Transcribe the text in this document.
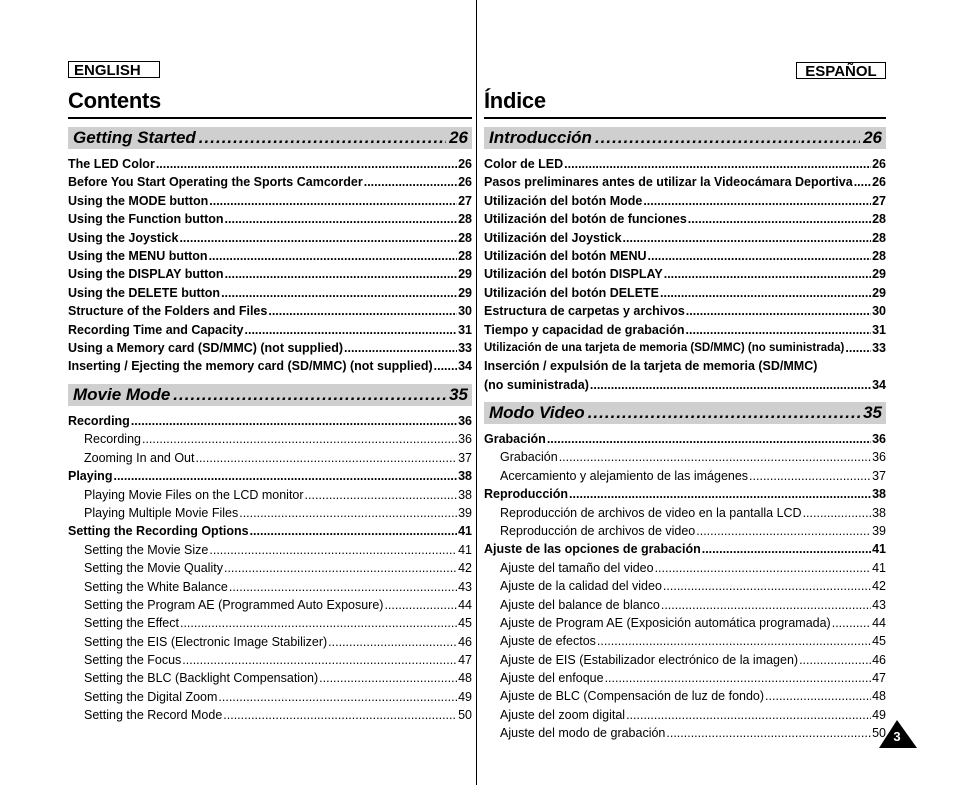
ENGLISH
Contents
Getting Started .....	26
The LED Color .....	26
Before You Start Operating the Sports Camcorder .....	26
Using the MODE button .....	27
Using the Function button .....	28
Using the Joystick .....	28
Using the MENU button .....	28
Using the DISPLAY button .....	29
Using the DELETE button .....	29
Structure of the Folders and Files .....	30
Recording Time and Capacity .....	31
Using a Memory card (SD/MMC) (not supplied) .....	33
Inserting / Ejecting the memory card (SD/MMC) (not supplied) ..... 34
Movie Mode .....	35
Recording .....	36
Recording .....	36
Zooming In and Out .....	37
Playing .....	38
Playing Movie Files on the LCD monitor .....	38
Playing Multiple Movie Files .....	39
Setting the Recording Options .....	41
Setting the Movie Size .....	41
Setting the Movie Quality .....	42
Setting the White Balance .....	43
Setting the Program AE (Programmed Auto Exposure) .....	44
Setting the Effect .....	45
Setting the EIS (Electronic Image Stabilizer) .....	46
Setting the Focus .....	47
Setting the BLC (Backlight Compensation) .....	48
Setting the Digital Zoom .....	49
Setting the Record Mode .....	50
ESPAÑOL
Índice
Introducción .....	26
Color de LED .....	26
Pasos preliminares antes de utilizar la Videocámara Deportiva ..... 26
Utilización del botón Mode .....	27
Utilización del botón de funciones .....	28
Utilización del Joystick .....	28
Utilización del botón MENU .....	28
Utilización del botón DISPLAY .....	29
Utilización del botón DELETE .....	29
Estructura de carpetas y archivos .....	30
Tiempo y capacidad de grabación .....	31
Utilización de una tarjeta de memoria (SD/MMC) (no suministrada) ..... 33
Inserción / expulsión de la tarjeta de memoria (SD/MMC)
(no suministrada) .....	34
Modo Video .....	35
Grabación .....	36
Grabación .....	36
Acercamiento y alejamiento de las imágenes .....	37
Reproducción .....	38
Reproducción de archivos de video en la pantalla LCD .....	38
Reproducción de archivos de video .....	39
Ajuste de las opciones de grabación .....	41
Ajuste del tamaño del video .....	41
Ajuste de la calidad del video .....	42
Ajuste del balance de blanco .....	43
Ajuste de Program AE (Exposición automática programada) .....	44
Ajuste de efectos .....	45
Ajuste de EIS (Estabilizador electrónico de la imagen) .....	46
Ajuste del enfoque .....	47
Ajuste de BLC (Compensación de luz de fondo) .....	48
Ajuste del zoom digital .....	49
Ajuste del modo de grabación .....	50 3
